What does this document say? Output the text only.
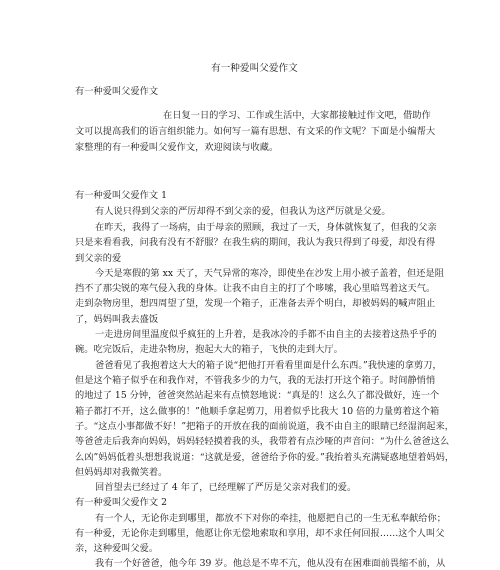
有一种爱叫父爱作文
有一种爱叫父爱作文
在日复一日的学习、工作或生活中，大家都接触过作文吧，借助作
文可以提高我们的语言组织能力。如何写一篇有思想、有文采的作文呢？下面是小编帮大
家整理的有一种爱叫父爱作文，欢迎阅读与收藏。
有一种爱叫父爱作文 1
有人说只得到父亲的严厉却得不到父亲的爱，但我认为这严厉就是父爱。
在昨天，我得了一场病，由于母亲的照顾，我过了一天，身体就恢复了，但我的父亲
只是来看看我，问我有没有不舒服？在我生病的期间，我认为我只得到了母爱，却没有得
到父亲的爱
今天是寒假的第 xx 天了，天气异常的寒冷，即使坐在沙发上用小被子盖着，但还是阻
挡不了那尖锐的寒气侵入我的身体。让我不由自主的打了个哆嗦，我心里暗骂着这天气。
走到杂物房里，想四周望了望，发现一个箱子，正准备去弄个明白，却被妈妈的喊声阻止
了，妈妈叫我去盛饭
一走进房间里温度似乎疯狂的上升着，是我冰冷的手都不由自主的去接着这热乎乎的
碗。吃完饭后，走进杂物房，抱起大大的箱子，飞快的走到大厅。
爸爸看见了我抱着这大大的箱子说“把他打开看看里面是什么东西。”我快速的拿剪刀，
但是这个箱子似乎在和我作对，不管我多少的力气，我的无法打开这个箱子。时间静悄悄
的地过了 15 分钟，爸爸突然站起来有点愤怒地说：“真是的！这么久了都没做好，连一个
箱子都打不开，这么做事的！”他顺手拿起剪刀，用着似乎比我大 10 倍的力量剪着这个箱
子。“这点小事都做不好！”把箱子的开放在我的面前说道，我不由自主的眼睛已经湿润起来，
等爸爸走后我奔向妈妈，妈妈轻轻摸着我的头，我带着有点沙哑的声音问：“为什么爸爸这么
么凶”妈妈低着头想想我说道：“这就是爱，爸爸给予你的爱。”我抬着头充满疑惑地望着妈妈，
但妈妈却对我微笑着。
回首望去已经过了 4 年了，已经理解了严厉是父亲对我们的爱。
有一种爱叫父爱作文 2
有一个人，无论你走到哪里，都放不下对你的牵挂，他愿把自己的一生无私奉献给你；
有一种爱，无论你走到哪里，他愿让你无偿地索取和享用，却不求任何回报……这个人叫父
亲，这种爱叫父爱。
我有一个好爸爸，他今年 39 岁。他总是不卑不亢，他从没有在困难面前畏缩不前，从
